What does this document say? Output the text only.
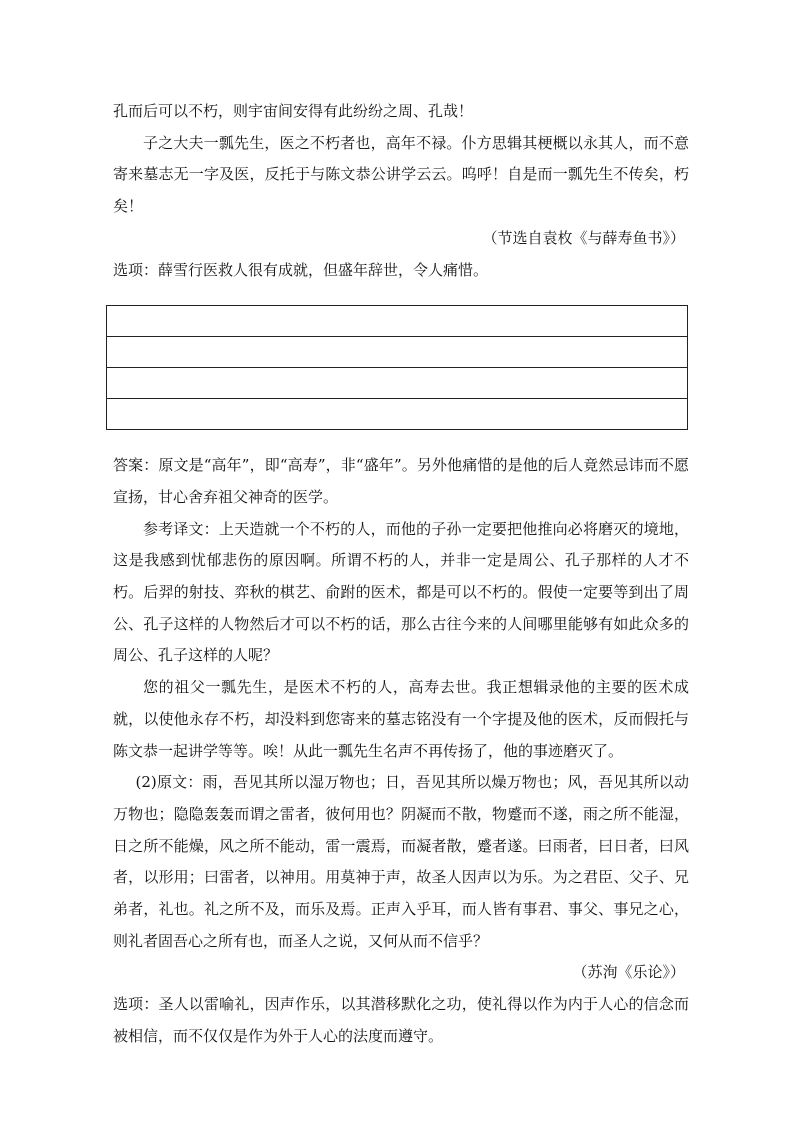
孔而后可以不朽，则宇宙间安得有此纷纷之周、孔哉！

子之大夫一瓢先生，医之不朽者也，高年不禄。仆方思辑其梗概以永其人，而不意寄来墓志无一字及医，反托于与陈文恭公讲学云云。呜呼！自是而一瓢先生不传矣，朽矣！

（节选自袁枚《与薛寿鱼书》）

选项：薛雪行医救人很有成就，但盛年辞世，令人痛惜。

答案：原文是“高年”，即“高寿”，非“盛年”。另外他痛惜的是他的后人竟然忌讳而不愿宣扬，甘心舍弃祖父神奇的医学。

参考译文：上天造就一个不朽的人，而他的子孙一定要把他推向必将磨灭的境地，这是我感到忧郁悲伤的原因啊。所谓不朽的人，并非一定是周公、孔子那样的人才不朽。后羿的射技、弈秋的棋艺、俞跗的医术，都是可以不朽的。假使一定要等到出了周公、孔子这样的人物然后才可以不朽的话，那么古往今来的人间哪里能够有如此众多的周公、孔子这样的人呢？

您的祖父一瓢先生，是医术不朽的人，高寿去世。我正想辑录他的主要的医术成就，以使他永存不朽，却没料到您寄来的墓志铭没有一个字提及他的医术，反而假托与陈文恭一起讲学等等。唉！从此一瓢先生名声不再传扬了，他的事迹磨灭了。

(2)原文：雨，吾见其所以湿万物也；日，吾见其所以燥万物也；风，吾见其所以动万物也；隐隐轰轰而谓之雷者，彼何用也？阴凝而不散，物蹙而不遂，雨之所不能湿，日之所不能燥，风之所不能动，雷一震焉，而凝者散，蹙者遂。曰雨者，曰日者，曰风者，以形用；曰雷者，以神用。用莫神于声，故圣人因声以为乐。为之君臣、父子、兄弟者，礼也。礼之所不及，而乐及焉。正声入乎耳，而人皆有事君、事父、事兄之心，则礼者固吾心之所有也，而圣人之说，又何从而不信乎？

（苏洵《乐论》）

选项：圣人以雷喻礼，因声作乐，以其潜移默化之功，使礼得以作为内于人心的信念而被相信，而不仅仅是作为外于人心的法度而遵守。
